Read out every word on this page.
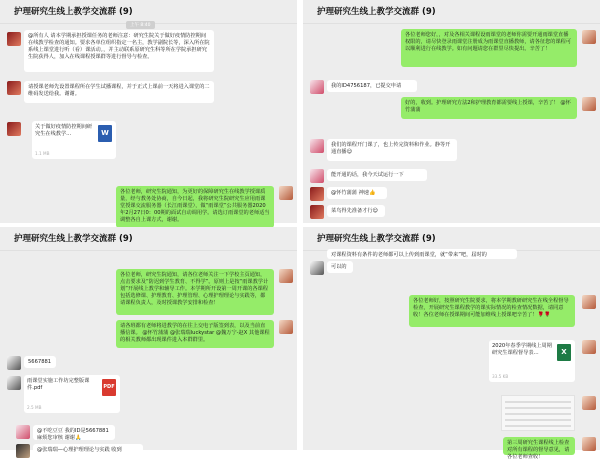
护理研究生线上教学交流群 (9)
上午 8:40
@所有人 请本学期承担授课任务的老师注意：研究生院关于做好疫情防控期间在线教学检查的通知。要求各单位组织指定一名主，教学副院长等，深入所在院系线上课堂进行听（看）课活动。，并主动联系原研究生科等所在学院承担研究生院获得人，加入在线课程授课群等进行督导与检查。
请授课老师先设置课程所在学生试播课程，并于正式上课前一天将进入课堂的二维码发送给我。谢谢。
关于做好疫情防控期间研究生在线教学…	W
1.1 MB
各位老师，研究生院通知，为更好的保障研究生在线教学授课质量，经与教务处协商，自今日起，我将研究生院研究生应用雨课堂授课交流服务器（长江雨课堂），做“雨课堂”公共服务器2020年2月27日0：00期的面试自动调用学。请选订雨课堂的老师适当调整各自上课方式，谢谢。
护理研究生线上教学交流群 (9)
各位老师您好，，对及各相关课程设雨课堂的老师你需要开通雨课堂直播权限的，请尽快登录雨课堂注册成为雨课堂直播教师，请各征您的课程可以顺利进行在线教学。如有问题请您在群里尽快提出。辛苦了！
我的ID4756187，已提交申请
好的，收到。护理研究方法2和护理教育都需要线上授课，辛苦了！ @怀竹蒲蒲
我们的课程开门课了，也上传完资料和作业。静等开通直播😊
能开通的话，我今天试运行一下
@怀竹蒲蒲 神速👍
菜鸟得先准备才行😊
护理研究生线上教学交流群 (9)
各位老师，研究生院通知，请各位老师关注一下学校主页通知，点击要求及“防迟到学生教育、不得学”。原则上是按“雨课教学计划”开展线上教学和辅导工作。本学期所开设第一周开课的各课程包括选修课、护理教育、护理管理、心理护理理论与实践等，都请课程负责人，及时授课教学安排和检查！
请各班都有老师将进教学的在往上交电子版签到表，以及当前直播信课。 @怀竹蒲蒲 @张瑞瑞luckystar @魏万宁-赵X 其他课程的相关教师都出现课件进入本群群里。
5667881
雨课堂实施工作坊完整版课件.pdf	PDF
2.5 MB
@不吃豆豆 我的ID是5667881 麻烦您审核 谢谢🙏
@张瑞瑞—心理护理理论与实践 收到
护理研究生线上教学交流群 (9)
对课程资料有条件的老师都可以上传到雨课堂，就“带来”吧，届时的
可以的
各位老师好，按照研究生院要求，将本学期教研研究生在线全程督导检查，开展研究生课程教学的课实际情况的检查情况数据，请同意收！各位老师在授课期间可能加维线上授课吧辛苦了！🌹🌹
2020年春季学期线上周期研究生课程督导表…	X
33.5 KB
第三周研究生课程线上检查对所有课程的督导意见，请各位老师查收！
